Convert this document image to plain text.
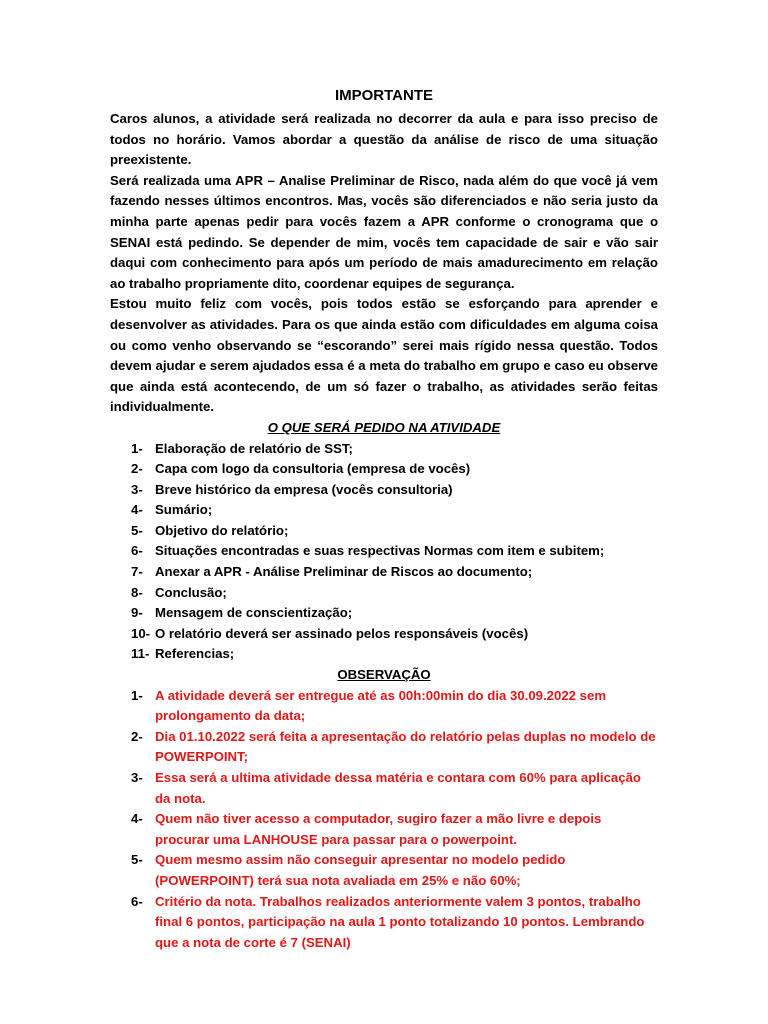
IMPORTANTE

Caros alunos, a atividade será realizada no decorrer da aula e para isso preciso de todos no horário. Vamos abordar a questão da análise de risco de uma situação preexistente.

Será realizada uma APR – Analise Preliminar de Risco, nada além do que você já vem fazendo nesses últimos encontros. Mas, vocês são diferenciados e não seria justo da minha parte apenas pedir para vocês fazem a APR conforme o cronograma que o SENAI está pedindo. Se depender de mim, vocês tem capacidade de sair e vão sair daqui com conhecimento para após um período de mais amadurecimento em relação ao trabalho propriamente dito, coordenar equipes de segurança.

Estou muito feliz com vocês, pois todos estão se esforçando para aprender e desenvolver as atividades. Para os que ainda estão com dificuldades em alguma coisa ou como venho observando se “escorando” serei mais rígido nessa questão. Todos devem ajudar e serem ajudados essa é a meta do trabalho em grupo e caso eu observe que ainda está acontecendo, de um só fazer o trabalho, as atividades serão feitas individualmente.

O QUE SERÁ PEDIDO NA ATIVIDADE

1- Elaboração de relatório de SST;
2- Capa com logo da consultoria (empresa de vocês)
3- Breve histórico da empresa (vocês consultoria)
4- Sumário;
5- Objetivo do relatório;
6- Situações encontradas e suas respectivas Normas com item e subitem;
7- Anexar a APR - Análise Preliminar de Riscos ao documento;
8- Conclusão;
9- Mensagem de conscientização;
10- O relatório deverá ser assinado pelos responsáveis (vocês)
11- Referencias;

OBSERVAÇÃO

1- A atividade deverá ser entregue até as 00h:00min do dia 30.09.2022 sem prolongamento da data;
2- Dia 01.10.2022 será feita a apresentação do relatório pelas duplas no modelo de POWERPOINT;
3- Essa será a ultima atividade dessa matéria e contara com 60% para aplicação da nota.
4- Quem não tiver acesso a computador, sugiro fazer a mão livre e depois procurar uma LANHOUSE para passar para o powerpoint.
5- Quem mesmo assim não conseguir apresentar no modelo pedido (POWERPOINT) terá sua nota avaliada em 25% e não 60%;
6- Critério da nota. Trabalhos realizados anteriormente valem 3 pontos, trabalho final 6 pontos, participação na aula 1 ponto totalizando 10 pontos. Lembrando que a nota de corte é 7 (SENAI)
